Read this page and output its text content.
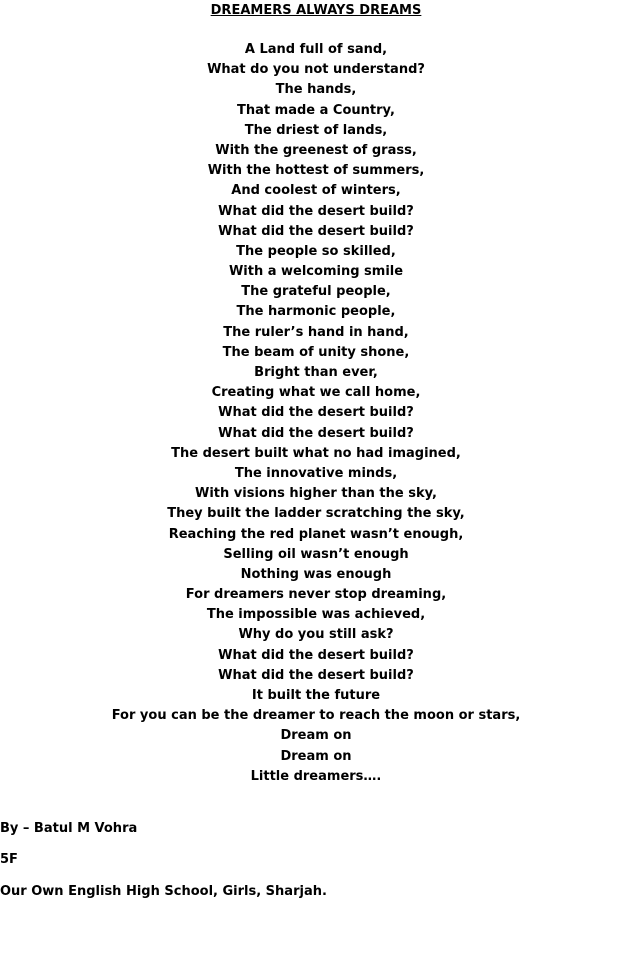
DREAMERS ALWAYS DREAMS
A Land full of sand,
What do you not understand?
The hands,
That made a Country,
The driest of lands,
With the greenest of grass,
With the hottest of summers,
And coolest of winters,
What did the desert build?
What did the desert build?
The people so skilled,
With a welcoming smile
The grateful people,
The harmonic people,
The ruler’s hand in hand,
The beam of unity shone,
Bright than ever,
Creating what we call home,
What did the desert build?
What did the desert build?
The desert built what no had imagined,
The innovative minds,
With visions higher than the sky,
They built the ladder scratching the sky,
Reaching the red planet wasn’t enough,
Selling oil wasn’t enough
Nothing was enough
For dreamers never stop dreaming,
The impossible was achieved,
Why do you still ask?
What did the desert build?
What did the desert build?
It built the future
For you can be the dreamer to reach the moon or stars,
Dream on
Dream on
Little dreamers….
By – Batul M Vohra
5F
Our Own English High School, Girls, Sharjah.
